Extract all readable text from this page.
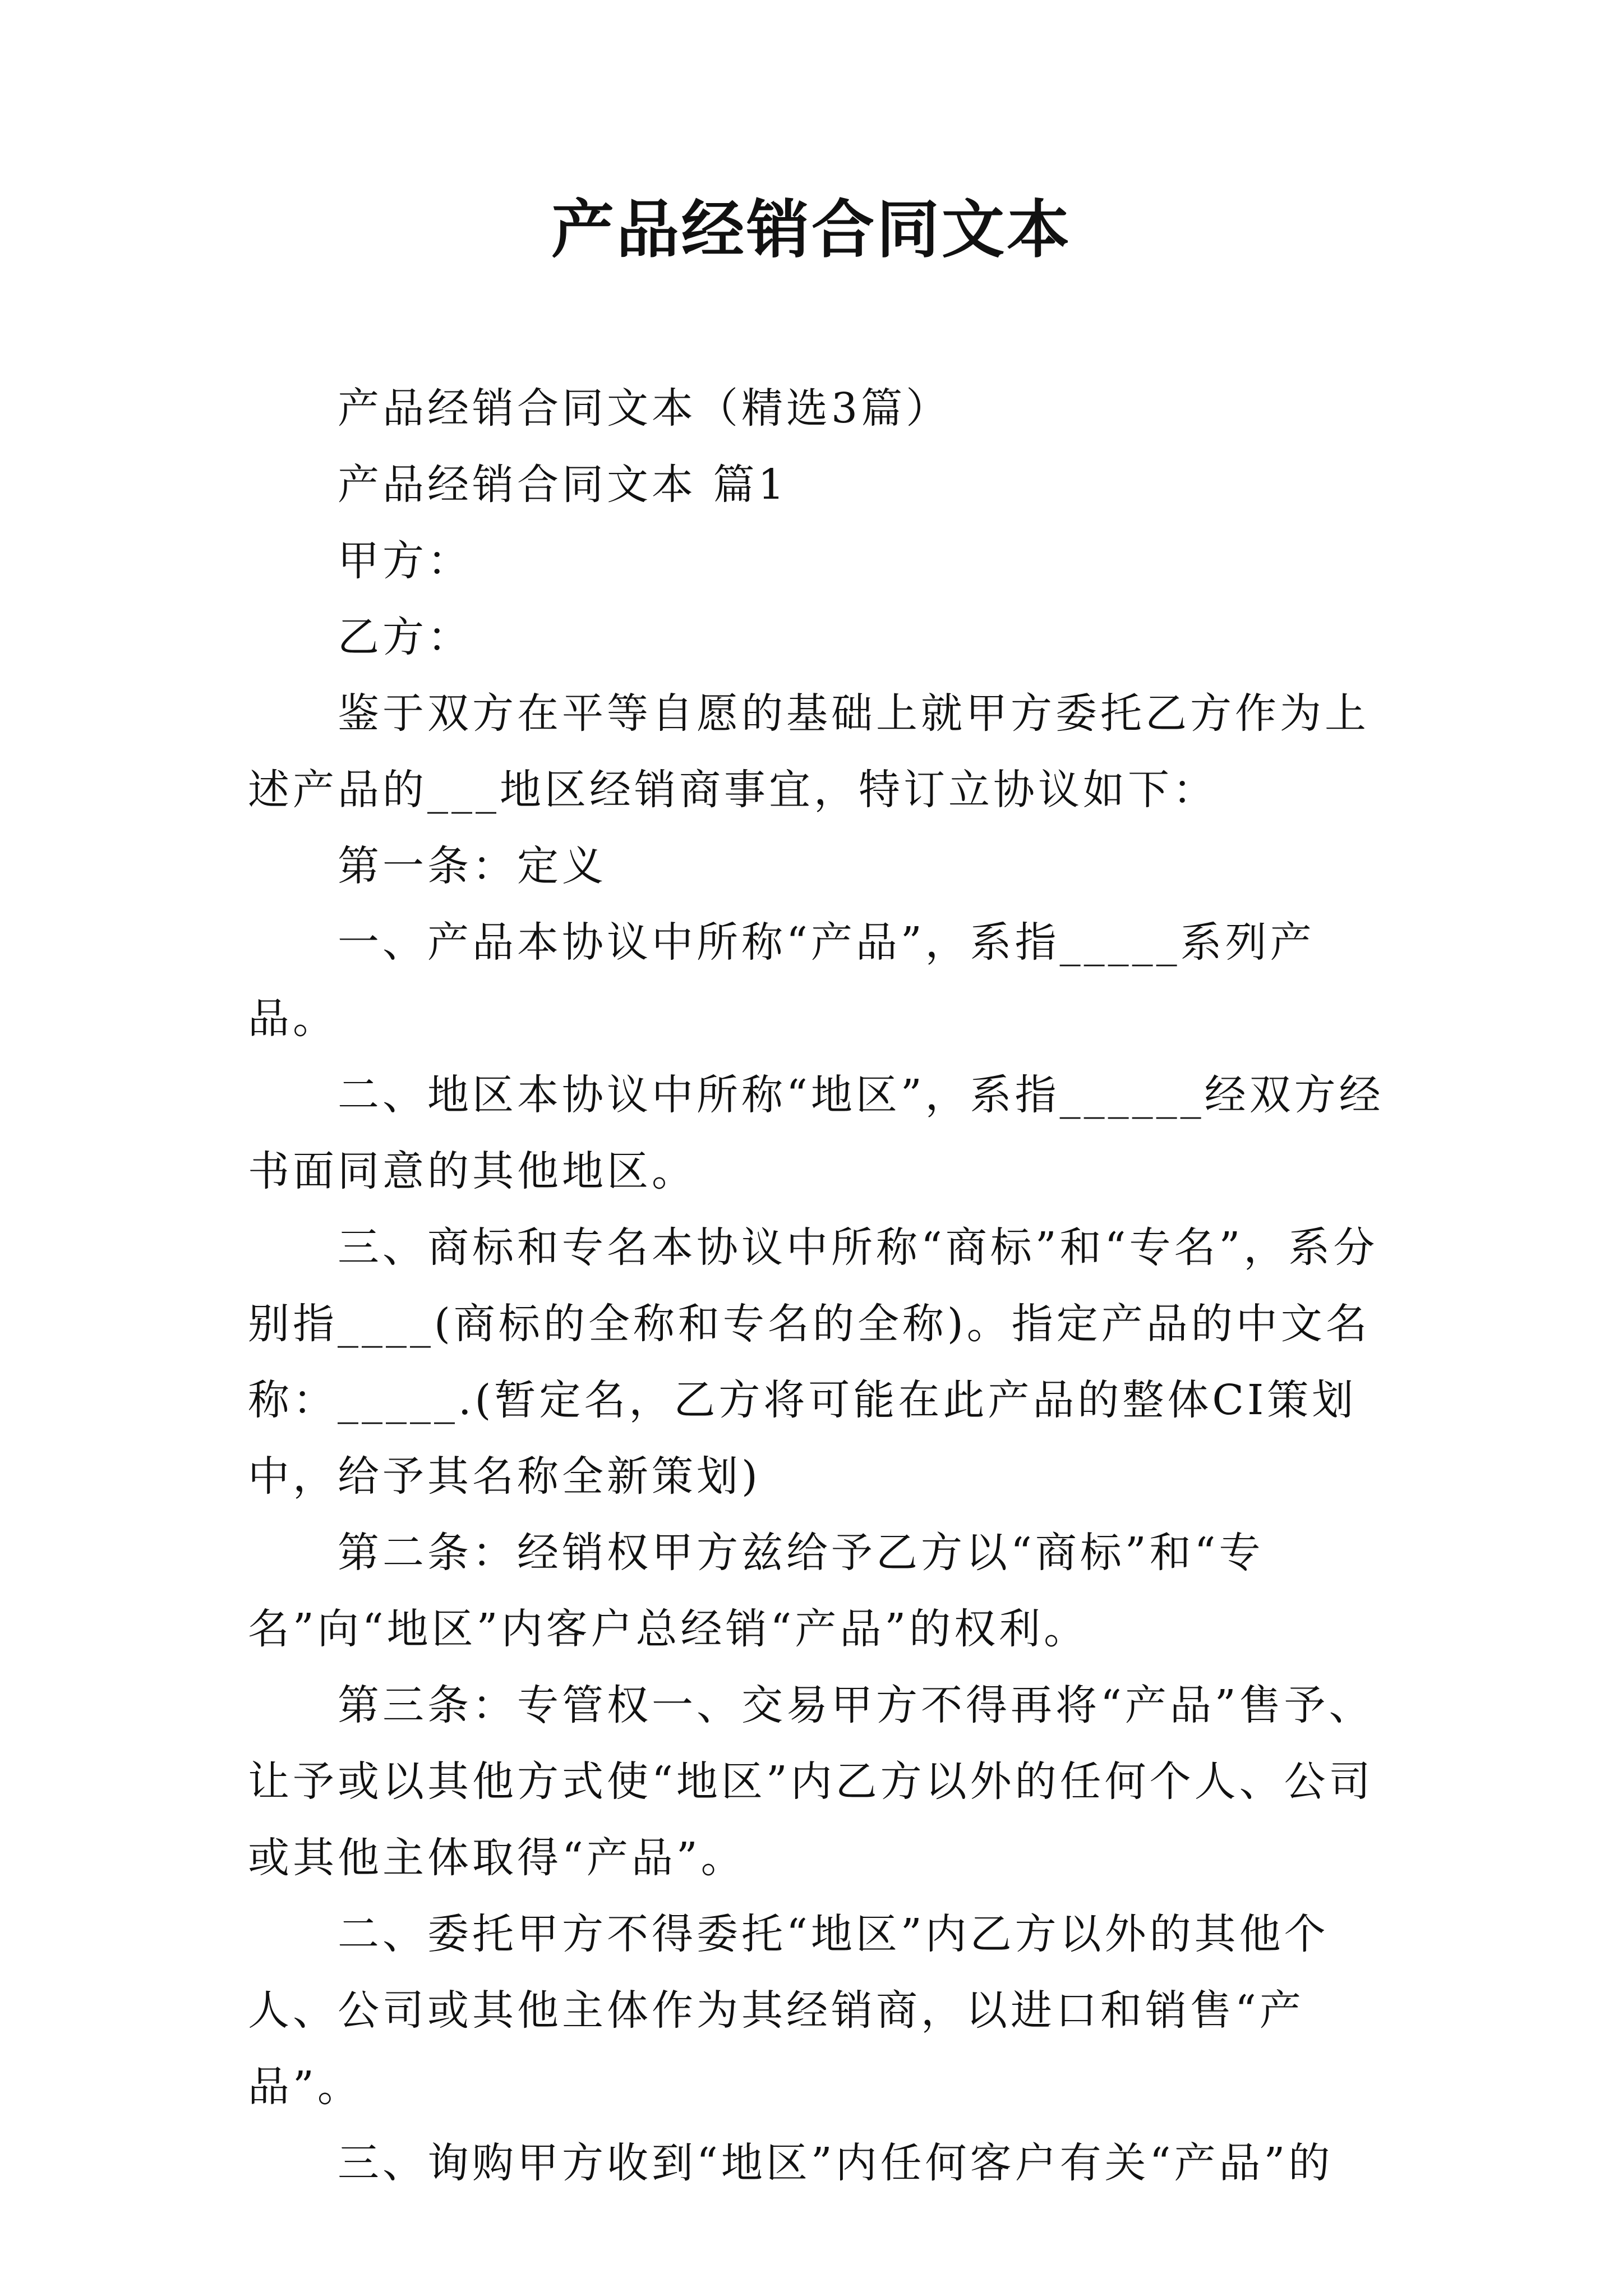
产品经销合同文本

产品经销合同文本（精选3篇）

产品经销合同文本 篇1

甲方：

乙方：

鉴于双方在平等自愿的基础上就甲方委托乙方作为上述产品的___地区经销商事宜，特订立协议如下：

第一条：定义

一、产品本协议中所称“产品”，系指_____系列产品。

二、地区本协议中所称“地区”，系指______经双方经书面同意的其他地区。

三、商标和专名本协议中所称“商标”和“专名”，系分别指____(商标的全称和专名的全称)。指定产品的中文名称：_____.(暂定名，乙方将可能在此产品的整体CI策划中，给予其名称全新策划)

第二条：经销权甲方兹给予乙方以“商标”和“专名”向“地区”内客户总经销“产品”的权利。

第三条：专管权一、交易甲方不得再将“产品”售予、让予或以其他方式使“地区”内乙方以外的任何个人、公司或其他主体取得“产品”。

二、委托甲方不得委托“地区”内乙方以外的其他个人、公司或其他主体作为其经销商，以进口和销售“产品”。

三、询购甲方收到“地区”内任何客户有关“产品”的
